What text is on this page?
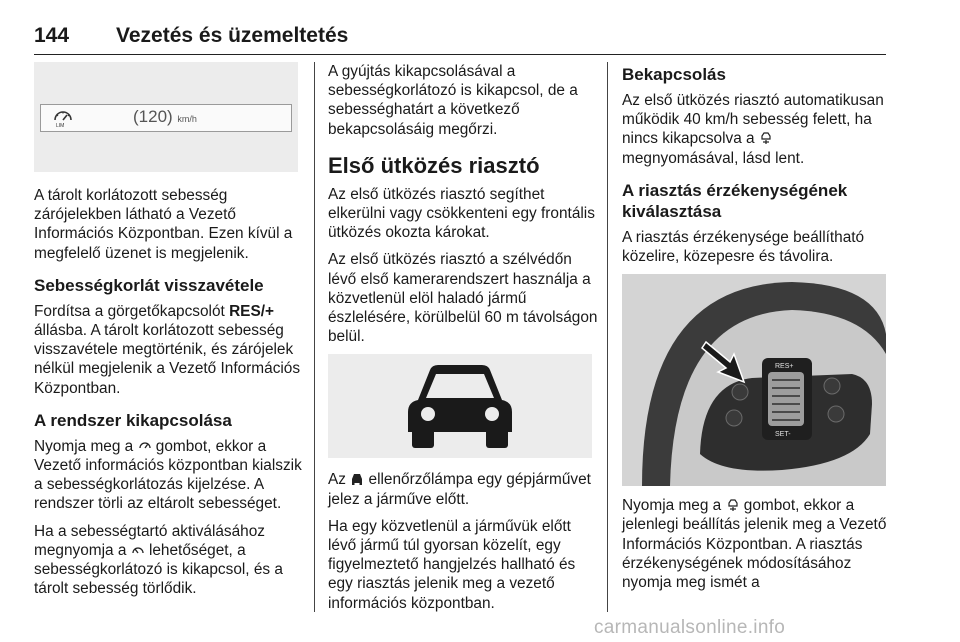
144 Vezetés és üzemeltetés
LIM	(120) km/h

A tárolt korlátozott sebesség zárójelekben látható a Vezető Információs Központban. Ezen kívül a megfelelő üzenet is megjelenik.

Sebességkorlát visszavétele

Fordítsa a görgetőkapcsolót RES/+ állásba. A tárolt korlátozott sebesség visszavétele megtörténik, és zárójelek nélkül megjelenik a Vezető Információs Központban.

A rendszer kikapcsolása

Nyomja meg a  gombot, ekkor a Vezető információs központban kialszik a sebességkorlátozás kijelzése. A rendszer törli az eltárolt sebességet.

Ha a sebességtartó aktiválásához megnyomja a  lehetőséget, a sebességkorlátozó is kikapcsol, és a tárolt sebesség törlődik.

A gyújtás kikapcsolásával a sebességkorlátozó is kikapcsol, de a sebességhatárt a következő bekapcsolásáig megőrzi.

Első ütközés riasztó

Az első ütközés riasztó segíthet elkerülni vagy csökkenteni egy frontális ütközés okozta károkat.

Az első ütközés riasztó a szélvédőn lévő első kamerarendszert használja a közvetlenül elöl haladó jármű észlelésére, körülbelül 60 m távolságon belül.

Az  ellenőrzőlámpa egy gépjárművet jelez a járműve előtt.

Ha egy közvetlenül a járművük előtt lévő jármű túl gyorsan közelít, egy figyelmeztető hangjelzés hallható és egy riasztás jelenik meg a vezető információs központban.

Bekapcsolás

Az első ütközés riasztó automatikusan működik 40 km/h sebesség felett, ha nincs kikapcsolva a  megnyomásával, lásd lent.

A riasztás érzékenységének kiválasztása

A riasztás érzékenysége beállítható közelire, közepesre és távolira.

RES+
SET-

Nyomja meg a  gombot, ekkor a jelenlegi beállítás jelenik meg a Vezető Információs Központban. A riasztás érzékenységének módosításához nyomja meg ismét a

carmanualsonline.info
